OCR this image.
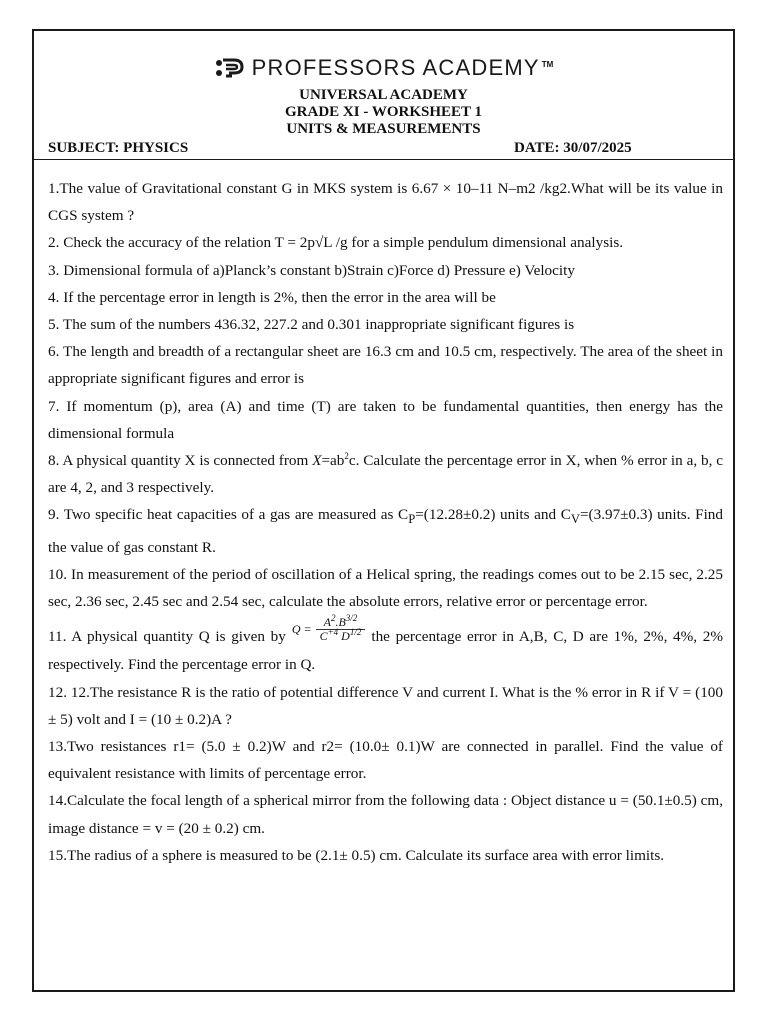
PROFESSORS ACADEMY TM
UNIVERSAL ACADEMY
GRADE XI - WORKSHEET 1
UNITS & MEASUREMENTS
SUBJECT: PHYSICS	DATE: 30/07/2025

1.The value of Gravitational constant G in MKS system is 6.67 × 10–11 N–m2 /kg2.What will be its value in CGS system ?

2. Check the accuracy of the relation T = 2p√L /g for a simple pendulum dimensional analysis.

3. Dimensional formula of a)Planck’s constant b)Strain c)Force d) Pressure e) Velocity

4. If the percentage error in length is 2%, then the error in the area will be

5. The sum of the numbers 436.32, 227.2 and 0.301 inappropriate significant figures is

6. The length and breadth of a rectangular sheet are 16.3 cm and 10.5 cm, respectively. The area of the sheet in appropriate significant figures and error is

7. If momentum (p), area (A) and time (T) are taken to be fundamental quantities, then energy has the dimensional formula

8. A physical quantity X is connected from $X=ab^2c$. Calculate the percentage error in X, when % error in a, b, c are 4, 2, and 3 respectively.

9. Two specific heat capacities of a gas are measured as $C_P=(12.28\pm 0.2)$ units and $C_V=(3.97\pm 0.3)$ units. Find the value of gas constant R.

10. In measurement of the period of oscillation of a Helical spring, the readings comes out to be 2.15 sec, 2.25 sec, 2.36 sec, 2.45 sec and 2.54 sec, calculate the absolute errors, relative error or percentage error.

11. A physical quantity Q is given by $Q = \frac{A^2.B^{3/2}}{C^{+4} D^{1/2}}$ the percentage error in A,B, C, D are 1%, 2%, 4%, 2% respectively. Find the percentage error in Q.

12. 12.The resistance R is the ratio of potential difference V and current I. What is the % error in R if V = (100 ± 5) volt and I = (10 ± 0.2)A ?

13.Two resistances r1= (5.0 ± 0.2)W and r2= (10.0± 0.1)W are connected in parallel. Find the value of equivalent resistance with limits of percentage error.

14.Calculate the focal length of a spherical mirror from the following data : Object distance u = (50.1±0.5) cm, image distance = v = (20 ± 0.2) cm.

15.The radius of a sphere is measured to be (2.1± 0.5) cm. Calculate its surface area with error limits.
